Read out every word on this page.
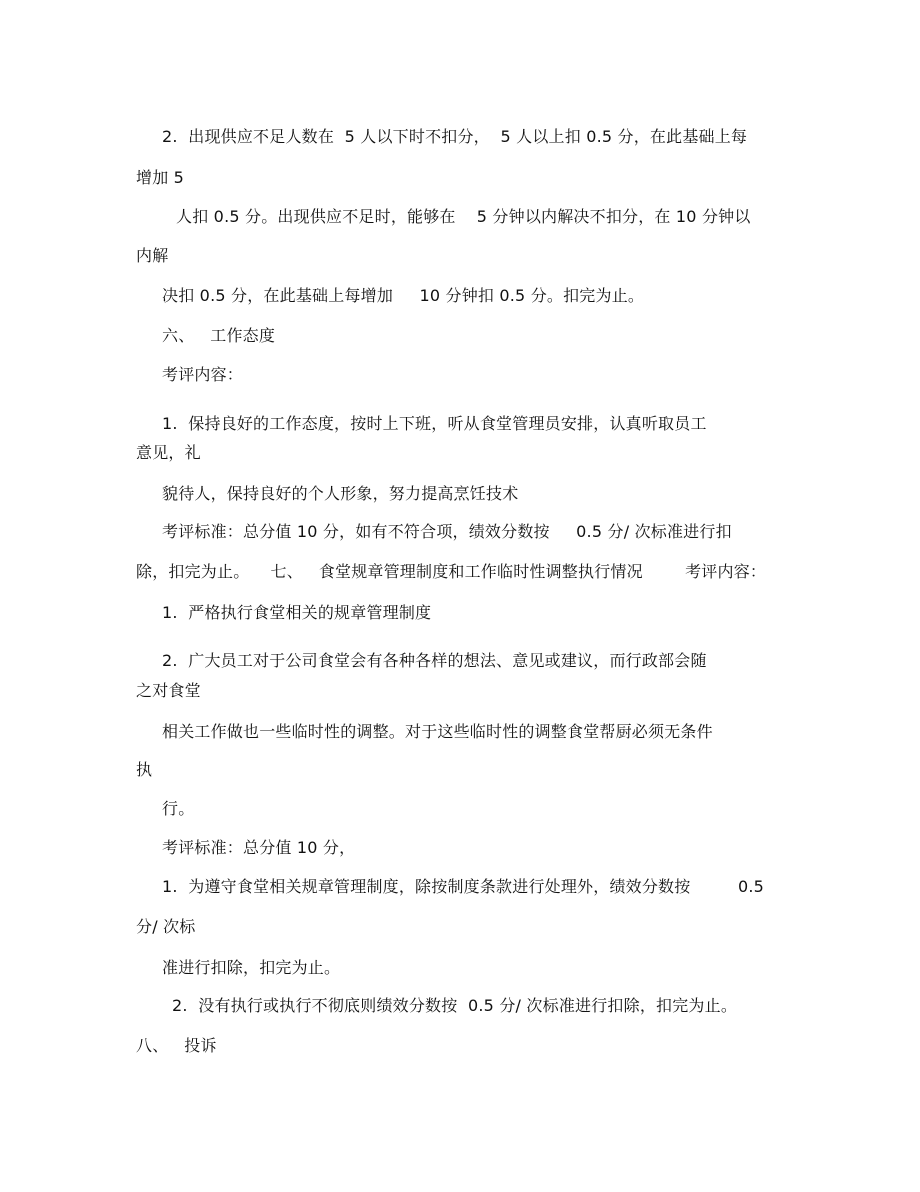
2.  出现供应不足人数在  5 人以下时不扣分，  5 人以上扣 0.5 分，在此基础上每
增加 5
人扣 0.5 分。出现供应不足时，能够在    5 分钟以内解决不扣分，在 10 分钟以
内解
决扣 0.5 分，在此基础上每增加     10 分钟扣 0.5 分。扣完为止。
六、   工作态度
考评内容：
1.  保持良好的工作态度，按时上下班，听从食堂管理员安排，认真听取员工
意见，礼
貌待人，保持良好的个人形象，努力提高烹饪技术
考评标准：总分值 10 分，如有不符合项，绩效分数按     0.5 分/ 次标准进行扣
除，扣完为止。    七、   食堂规章管理制度和工作临时性调整执行情况        考评内容：
1.  严格执行食堂相关的规章管理制度
2.  广大员工对于公司食堂会有各种各样的想法、意见或建议，而行政部会随
之对食堂
相关工作做也一些临时性的调整。对于这些临时性的调整食堂帮厨必须无条件
执
行。
考评标准：总分值 10 分，
1.  为遵守食堂相关规章管理制度，除按制度条款进行处理外，绩效分数按         0.5
分/ 次标
准进行扣除，扣完为止。
2.  没有执行或执行不彻底则绩效分数按  0.5 分/ 次标准进行扣除，扣完为止。
八、   投诉
